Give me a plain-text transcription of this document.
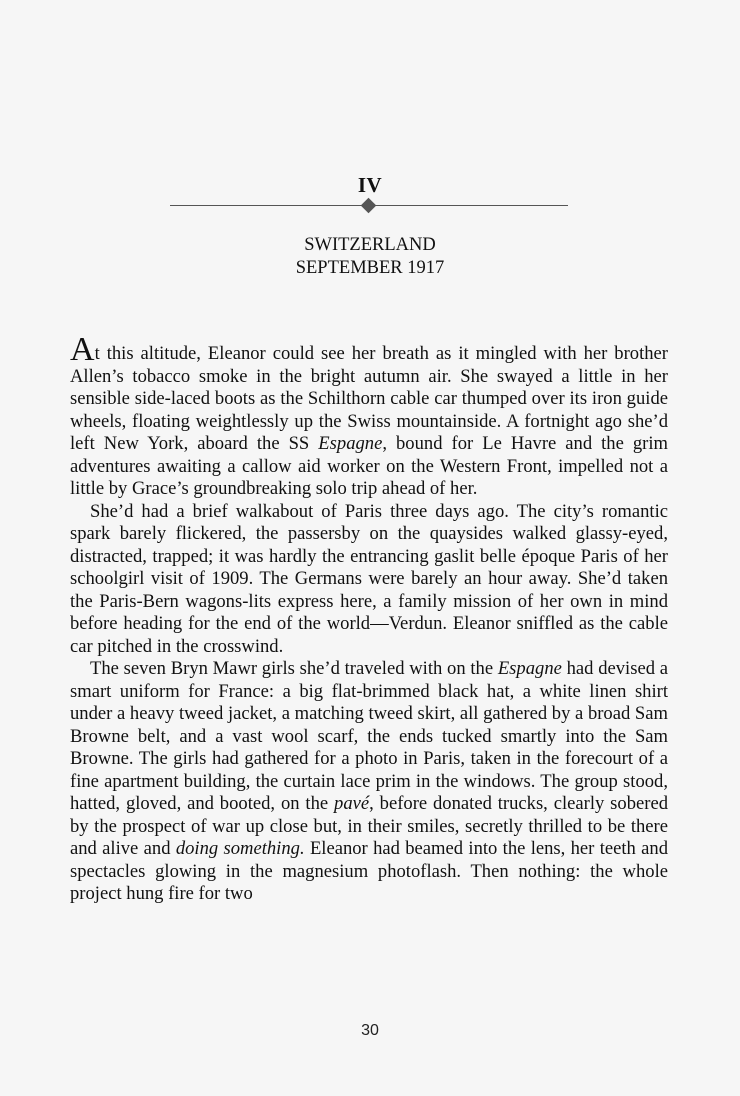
IV
SWITZERLAND
SEPTEMBER 1917

At this altitude, Eleanor could see her breath as it mingled with her brother Allen’s tobacco smoke in the bright autumn air. She swayed a little in her sensible side-laced boots as the Schilthorn cable car thumped over its iron guide wheels, floating weightlessly up the Swiss mountainside. A fortnight ago she’d left New York, aboard the SS Espagne, bound for Le Havre and the grim adventures awaiting a callow aid worker on the Western Front, impelled not a little by Grace’s groundbreaking solo trip ahead of her.

She’d had a brief walkabout of Paris three days ago. The city’s romantic spark barely flickered, the passersby on the quaysides walked glassy-eyed, distracted, trapped; it was hardly the entrancing gaslit belle époque Paris of her schoolgirl visit of 1909. The Germans were barely an hour away. She’d taken the Paris-Bern wagons-lits express here, a family mission of her own in mind before heading for the end of the world—Verdun. Eleanor sniffled as the cable car pitched in the crosswind.

The seven Bryn Mawr girls she’d traveled with on the Espagne had devised a smart uniform for France: a big flat-brimmed black hat, a white linen shirt under a heavy tweed jacket, a matching tweed skirt, all gathered by a broad Sam Browne belt, and a vast wool scarf, the ends tucked smartly into the Sam Browne. The girls had gathered for a photo in Paris, taken in the forecourt of a fine apartment building, the curtain lace prim in the windows. The group stood, hatted, gloved, and booted, on the pavé, before donated trucks, clearly sobered by the prospect of war up close but, in their smiles, secretly thrilled to be there and alive and doing something. Eleanor had beamed into the lens, her teeth and spectacles glowing in the magnesium photoflash. Then nothing: the whole project hung fire for two

30
